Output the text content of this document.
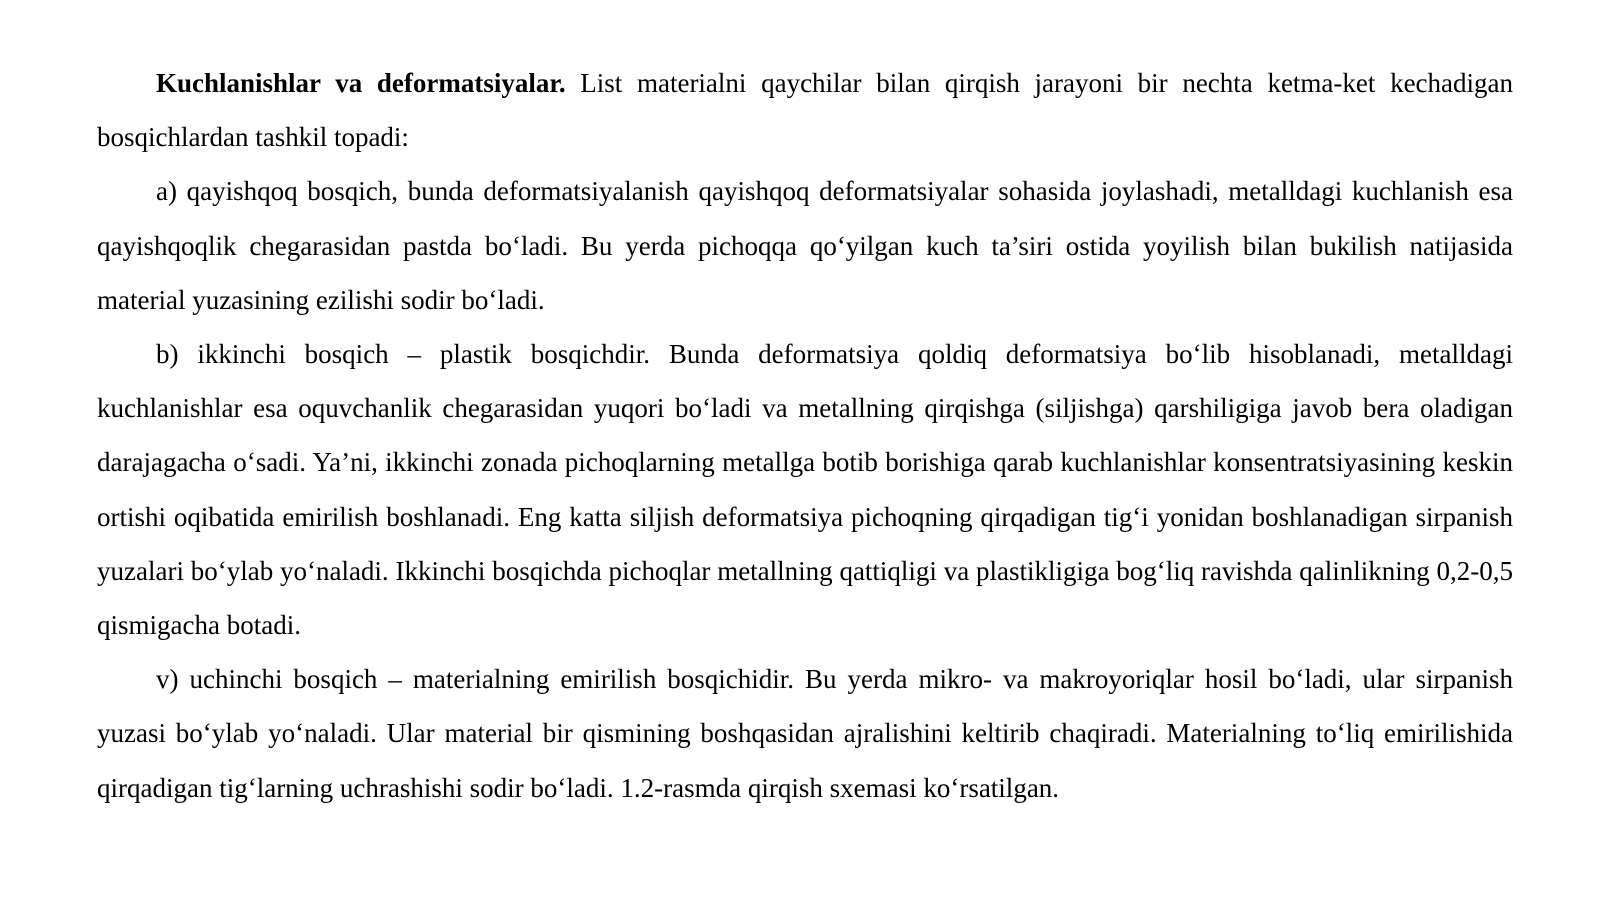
Kuchlanishlar va deformatsiyalar. List materialni qaychilar bilan qirqish jarayoni bir nechta ketma-ket kechadigan bosqichlardan tashkil topadi:

a) qayishqoq bosqich, bunda deformatsiyalanish qayishqoq deformatsiyalar sohasida joylashadi, metalldagi kuchlanish esa qayishqoqlik chegarasidan pastda bo‘ladi. Bu yerda pichoqqa qo‘yilgan kuch ta’siri ostida yoyilish bilan bukilish natijasida material yuzasining ezilishi sodir bo‘ladi.

b) ikkinchi bosqich – plastik bosqichdir. Bunda deformatsiya qoldiq deformatsiya bo‘lib hisoblanadi, metalldagi kuchlanishlar esa oquvchanlik chegarasidan yuqori bo‘ladi va metallning qirqishga (siljishga) qarshiligiga javob bera oladigan darajagacha o‘sadi. Ya’ni, ikkinchi zonada pichoqlarning metallga botib borishiga qarab kuchlanishlar konsentratsiyasining keskin ortishi oqibatida emirilish boshlanadi. Eng katta siljish deformatsiya pichoqning qirqadigan tig‘i yonidan boshlanadigan sirpanish yuzalari bo‘ylab yo‘naladi. Ikkinchi bosqichda pichoqlar metallning qattiqligi va plastikligiga bog‘liq ravishda qalinlikning 0,2-0,5 qismigacha botadi.

v) uchinchi bosqich – materialning emirilish bosqichidir. Bu yerda mikro- va makroyoriqlar hosil bo‘ladi, ular sirpanish yuzasi bo‘ylab yo‘naladi. Ular material bir qismining boshqasidan ajralishini keltirib chaqiradi. Materialning to‘liq emirilishida qirqadigan tig‘larning uchrashishi sodir bo‘ladi. 1.2-rasmda qirqish sxemasi ko‘rsatilgan.
